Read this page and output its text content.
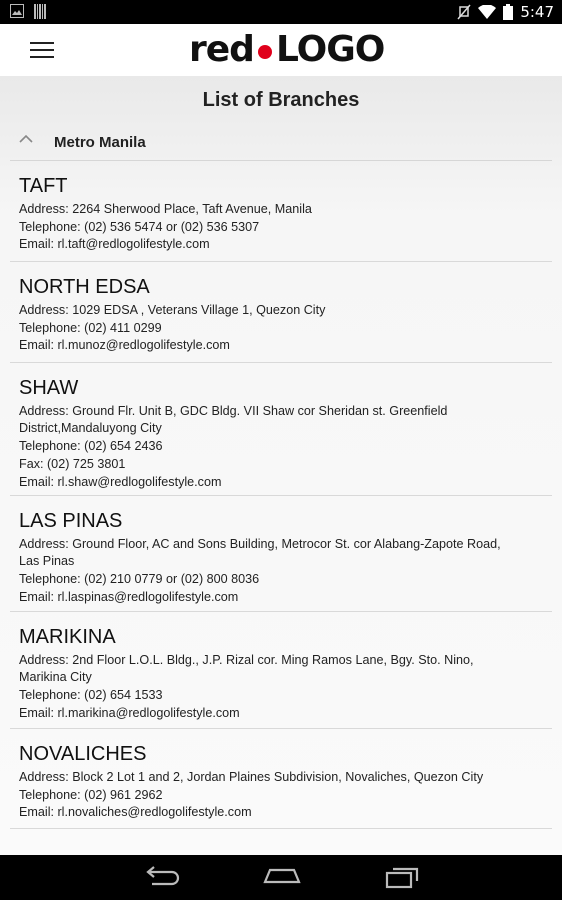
5:47
red LOGO
List of Branches
Metro Manila
TAFT
Address: 2264 Sherwood Place, Taft Avenue, Manila
Telephone: (02) 536 5474 or (02) 536 5307
Email: rl.taft@redlogolifestyle.com
NORTH EDSA
Address: 1029 EDSA , Veterans Village 1, Quezon City
Telephone: (02) 411 0299
Email: rl.munoz@redlogolifestyle.com
SHAW
Address: Ground Flr. Unit B, GDC Bldg. VII Shaw cor Sheridan st. Greenfield
District,Mandaluyong City
Telephone: (02) 654 2436
Fax: (02) 725 3801
Email: rl.shaw@redlogolifestyle.com
LAS PINAS
Address: Ground Floor, AC and Sons Building, Metrocor St. cor Alabang-Zapote Road,
Las Pinas
Telephone: (02) 210 0779 or (02) 800 8036
Email: rl.laspinas@redlogolifestyle.com
MARIKINA
Address: 2nd Floor L.O.L. Bldg., J.P. Rizal cor. Ming Ramos Lane, Bgy. Sto. Nino,
Marikina City
Telephone: (02) 654 1533
Email: rl.marikina@redlogolifestyle.com
NOVALICHES
Address: Block 2 Lot 1 and 2, Jordan Plaines Subdivision, Novaliches, Quezon City
Telephone: (02) 961 2962
Email: rl.novaliches@redlogolifestyle.com
